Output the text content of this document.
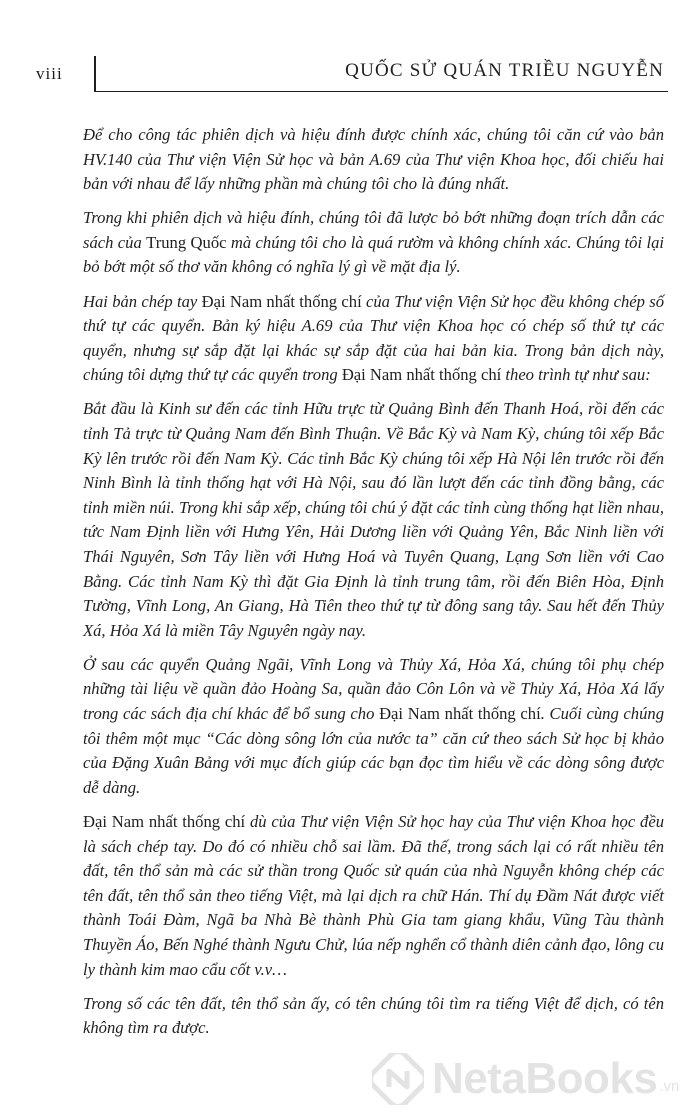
viii	QUỐC SỬ QUÁN TRIỀU NGUYỄN

Để cho công tác phiên dịch và hiệu đính được chính xác, chúng tôi căn cứ vào bản HV.140 của Thư viện Viện Sử học và bản A.69 của Thư viện Khoa học, đối chiếu hai bản với nhau để lấy những phần mà chúng tôi cho là đúng nhất.

Trong khi phiên dịch và hiệu đính, chúng tôi đã lược bỏ bớt những đoạn trích dẫn các sách của Trung Quốc mà chúng tôi cho là quá rườm và không chính xác. Chúng tôi lại bỏ bớt một số thơ văn không có nghĩa lý gì về mặt địa lý.

Hai bản chép tay Đại Nam nhất thống chí của Thư viện Viện Sử học đều không chép số thứ tự các quyển. Bản ký hiệu A.69 của Thư viện Khoa học có chép số thứ tự các quyển, nhưng sự sắp đặt lại khác sự sắp đặt của hai bản kia. Trong bản dịch này, chúng tôi dựng thứ tự các quyển trong Đại Nam nhất thống chí theo trình tự như sau:

Bắt đầu là Kinh sư đến các tỉnh Hữu trực từ Quảng Bình đến Thanh Hoá, rồi đến các tỉnh Tả trực từ Quảng Nam đến Bình Thuận. Về Bắc Kỳ và Nam Kỳ, chúng tôi xếp Bắc Kỳ lên trước rồi đến Nam Kỳ. Các tỉnh Bắc Kỳ chúng tôi xếp Hà Nội lên trước rồi đến Ninh Bình là tỉnh thống hạt với Hà Nội, sau đó lần lượt đến các tỉnh đồng bằng, các tỉnh miền núi. Trong khi sắp xếp, chúng tôi chú ý đặt các tỉnh cùng thống hạt liền nhau, tức Nam Định liền với Hưng Yên, Hải Dương liền với Quảng Yên, Bắc Ninh liền với Thái Nguyên, Sơn Tây liền với Hưng Hoá và Tuyên Quang, Lạng Sơn liền với Cao Bằng. Các tỉnh Nam Kỳ thì đặt Gia Định là tỉnh trung tâm, rồi đến Biên Hòa, Định Tường, Vĩnh Long, An Giang, Hà Tiên theo thứ tự từ đông sang tây. Sau hết đến Thủy Xá, Hỏa Xá là miền Tây Nguyên ngày nay.

Ở sau các quyển Quảng Ngãi, Vĩnh Long và Thủy Xá, Hỏa Xá, chúng tôi phụ chép những tài liệu về quần đảo Hoàng Sa, quần đảo Côn Lôn và về Thủy Xá, Hỏa Xá lấy trong các sách địa chí khác để bổ sung cho Đại Nam nhất thống chí. Cuối cùng chúng tôi thêm một mục “Các dòng sông lớn của nước ta” căn cứ theo sách Sử học bị khảo của Đặng Xuân Bảng với mục đích giúp các bạn đọc tìm hiểu về các dòng sông được dễ dàng.

Đại Nam nhất thống chí dù của Thư viện Viện Sử học hay của Thư viện Khoa học đều là sách chép tay. Do đó có nhiều chỗ sai lầm. Đã thế, trong sách lại có rất nhiều tên đất, tên thổ sản mà các sử thần trong Quốc sử quán của nhà Nguyễn không chép các tên đất, tên thổ sản theo tiếng Việt, mà lại dịch ra chữ Hán. Thí dụ Đầm Nát được viết thành Toái Đàm, Ngã ba Nhà Bè thành Phù Gia tam giang khẩu, Vũng Tàu thành Thuyền Áo, Bến Nghé thành Ngưu Chử, lúa nếp nghển cổ thành diên cảnh đạo, lông cu ly thành kim mao cẩu cốt v.v…

Trong số các tên đất, tên thổ sản ấy, có tên chúng tôi tìm ra tiếng Việt để dịch, có tên không tìm ra được.

NetaBooks .vn
